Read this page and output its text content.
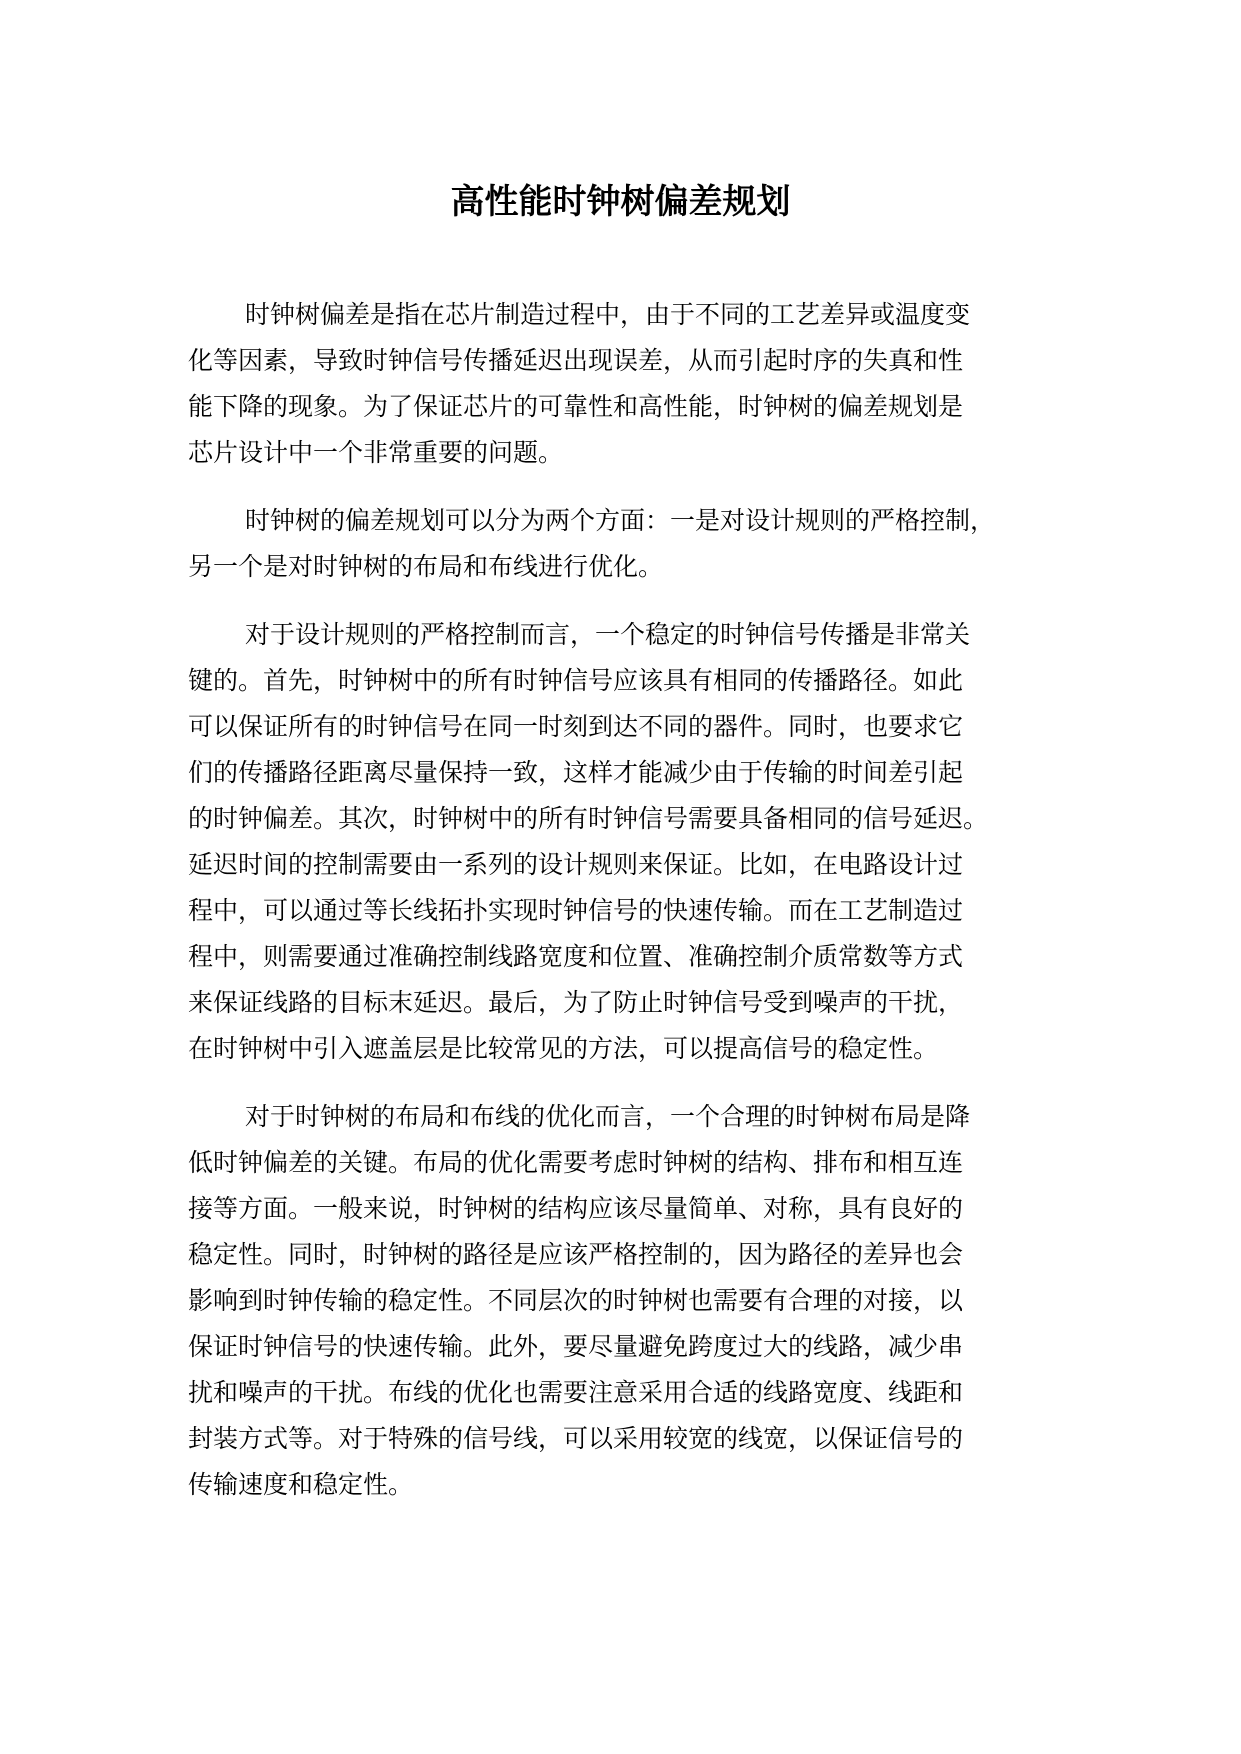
高性能时钟树偏差规划

时钟树偏差是指在芯片制造过程中，由于不同的工艺差异或温度变
化等因素，导致时钟信号传播延迟出现误差，从而引起时序的失真和性
能下降的现象。为了保证芯片的可靠性和高性能，时钟树的偏差规划是
芯片设计中一个非常重要的问题。

时钟树的偏差规划可以分为两个方面：一是对设计规则的严格控制，
另一个是对时钟树的布局和布线进行优化。

对于设计规则的严格控制而言，一个稳定的时钟信号传播是非常关
键的。首先，时钟树中的所有时钟信号应该具有相同的传播路径。如此
可以保证所有的时钟信号在同一时刻到达不同的器件。同时，也要求它
们的传播路径距离尽量保持一致，这样才能减少由于传输的时间差引起
的时钟偏差。其次，时钟树中的所有时钟信号需要具备相同的信号延迟。
延迟时间的控制需要由一系列的设计规则来保证。比如，在电路设计过
程中，可以通过等长线拓扑实现时钟信号的快速传输。而在工艺制造过
程中，则需要通过准确控制线路宽度和位置、准确控制介质常数等方式
来保证线路的目标末延迟。最后，为了防止时钟信号受到噪声的干扰，
在时钟树中引入遮盖层是比较常见的方法，可以提高信号的稳定性。

对于时钟树的布局和布线的优化而言，一个合理的时钟树布局是降
低时钟偏差的关键。布局的优化需要考虑时钟树的结构、排布和相互连
接等方面。一般来说，时钟树的结构应该尽量简单、对称，具有良好的
稳定性。同时，时钟树的路径是应该严格控制的，因为路径的差异也会
影响到时钟传输的稳定性。不同层次的时钟树也需要有合理的对接，以
保证时钟信号的快速传输。此外，要尽量避免跨度过大的线路，减少串
扰和噪声的干扰。布线的优化也需要注意采用合适的线路宽度、线距和
封装方式等。对于特殊的信号线，可以采用较宽的线宽，以保证信号的
传输速度和稳定性。
